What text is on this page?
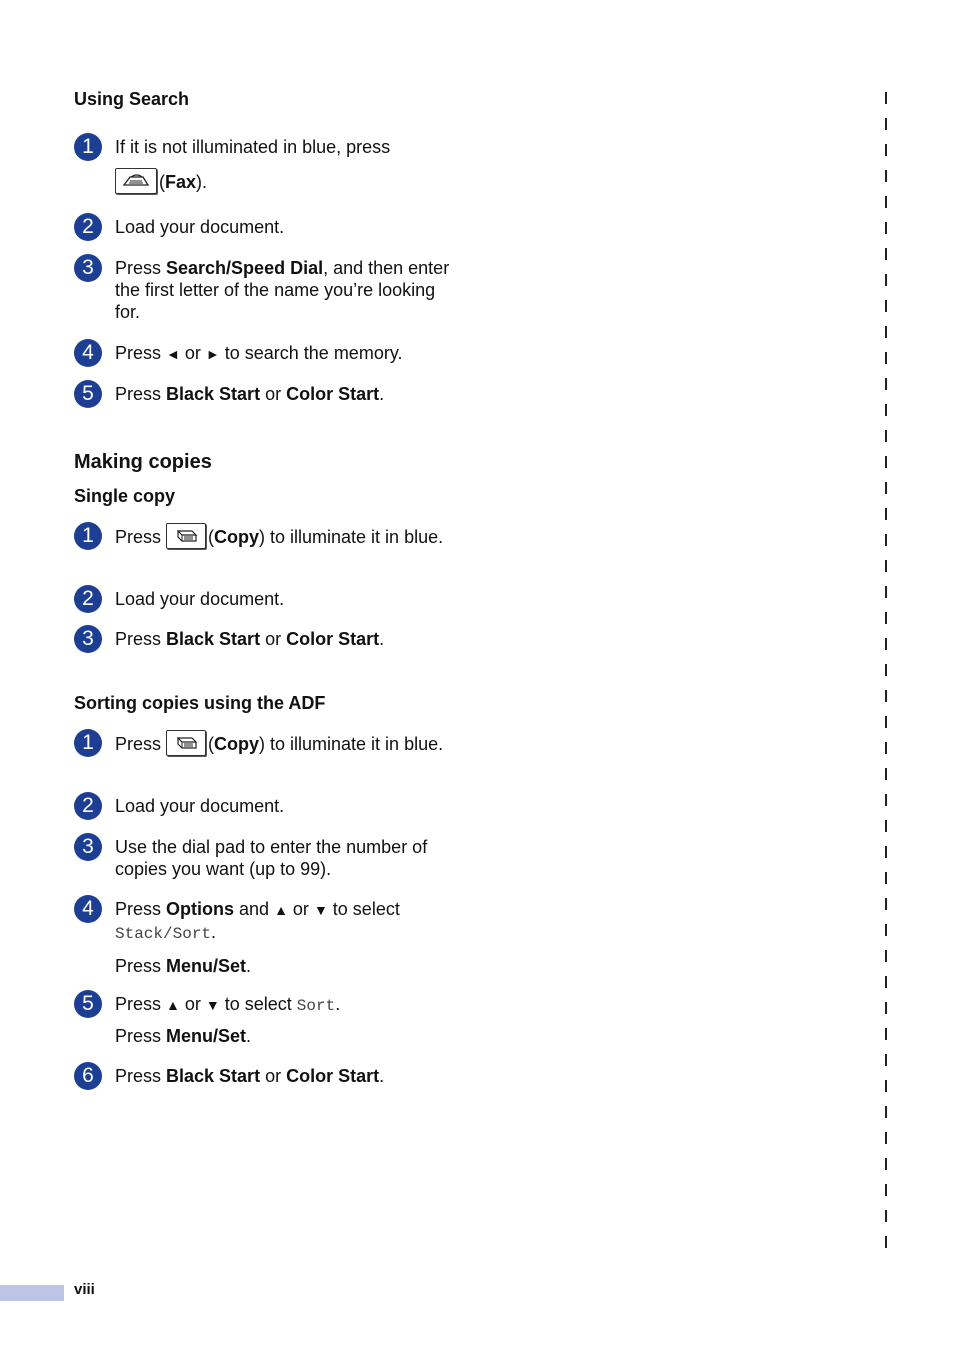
Using Search
1	If it is not illuminated in blue, press
(Fax).
2	Load your document.
3	Press Search/Speed Dial, and then enter the first letter of the name you’re looking for.
4	Press ◄ or ► to search the memory.
5	Press Black Start or Color Start.
Making copies
Single copy
1	Press
(Copy) to illuminate it in blue.
2	Load your document.
3	Press Black Start or Color Start.
Sorting copies using the ADF
1	Press
(Copy) to illuminate it in blue.
2	Load your document.
3	Use the dial pad to enter the number of copies you want (up to 99).
4	Press Options and ▲ or ▼ to select
Stack/Sort.
Press Menu/Set.
5	Press ▲ or ▼ to select Sort.
Press Menu/Set.
6	Press Black Start or Color Start.

viii
